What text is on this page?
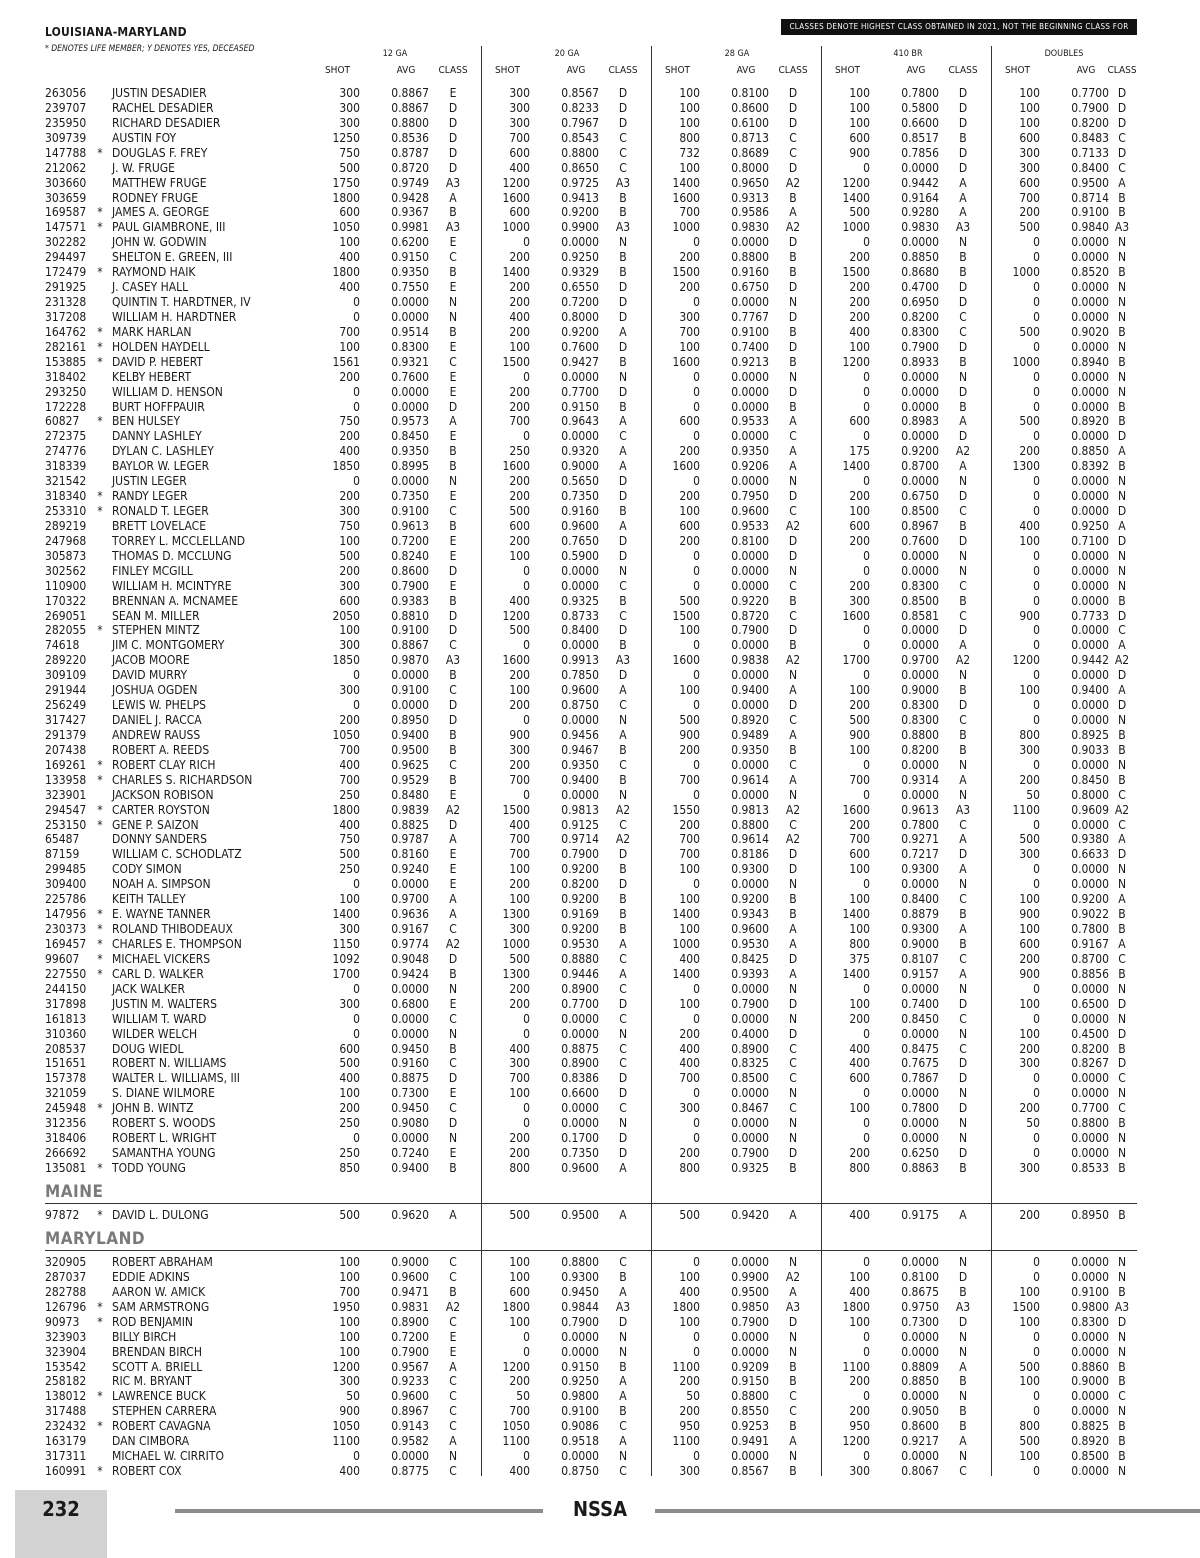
LOUISIANA-MARYLAND
* DENOTES LIFE MEMBER; Y DENOTES YES, DECEASED
CLASSES DENOTE HIGHEST CLASS OBTAINED IN 2021, NOT THE BEGINNING CLASS FOR 2022.
12 GA	20 GA	28 GA	410 BR	DOUBLES
SHOT	AVG	CLASS	SHOT	AVG	CLASS	SHOT	AVG	CLASS	SHOT	AVG	CLASS	SHOT	AVG	CLASS
263056 JUSTIN DESADIER	300	0.8867	E	300	0.8567	D	100	0.8100	D	100	0.7800	D	100	0.7700 D
239707 RACHEL DESADIER	300	0.8867	D	300	0.8233	D	100	0.8600	D	100	0.5800	D	100	0.7900 D
235950 RICHARD DESADIER	300	0.8800	D	300	0.7967	D	100	0.6100	D	100	0.6600	D	100	0.8200 D
309739 AUSTIN FOY	1250	0.8536	D	700	0.8543	C	800	0.8713	C	600	0.8517	B	600	0.8483 C
147788 * DOUGLAS F. FREY	750	0.8787	D	600	0.8800	C	732	0.8689	C	900	0.7856	D	300	0.7133 D
212062 J. W. FRUGE	500	0.8720	D	400	0.8650	C	100	0.8000	D	0	0.0000	D	300	0.8400 C
303660 MATTHEW FRUGE	1750	0.9749	A3	1200	0.9725	A3	1400	0.9650	A2	1200	0.9442	A	600	0.9500 A
303659 RODNEY FRUGE	1800	0.9428	A	1600	0.9413	B	1600	0.9313	B	1400	0.9164	A	700	0.8714 B
169587 * JAMES A. GEORGE	600	0.9367	B	600	0.9200	B	700	0.9586	A	500	0.9280	A	200	0.9100 B
147571 * PAUL GIAMBRONE, III	1050	0.9981	A3	1000	0.9900	A3	1000	0.9830	A2	1000	0.9830	A3	500	0.9840 A3
302282 JOHN W. GODWIN	100	0.6200	E	0	0.0000	N	0	0.0000	D	0	0.0000	N	0	0.0000 N
294497 SHELTON E. GREEN, III	400	0.9150	C	200	0.9250	B	200	0.8800	B	200	0.8850	B	0	0.0000 N
172479 * RAYMOND HAIK	1800	0.9350	B	1400	0.9329	B	1500	0.9160	B	1500	0.8680	B	1000	0.8520 B
291925 J. CASEY HALL	400	0.7550	E	200	0.6550	D	200	0.6750	D	200	0.4700	D	0	0.0000 N
231328 QUINTIN T. HARDTNER, IV	0	0.0000	N	200	0.7200	D	0	0.0000	N	200	0.6950	D	0	0.0000 N
317208 WILLIAM H. HARDTNER	0	0.0000	N	400	0.8000	D	300	0.7767	D	200	0.8200	C	0	0.0000 N
164762 * MARK HARLAN	700	0.9514	B	200	0.9200	A	700	0.9100	B	400	0.8300	C	500	0.9020 B
282161 * HOLDEN HAYDELL	100	0.8300	E	100	0.7600	D	100	0.7400	D	100	0.7900	D	0	0.0000 N
153885 * DAVID P. HEBERT	1561	0.9321	C	1500	0.9427	B	1600	0.9213	B	1200	0.8933	B	1000	0.8940 B
318402 KELBY HEBERT	200	0.7600	E	0	0.0000	N	0	0.0000	N	0	0.0000	N	0	0.0000 N
293250 WILLIAM D. HENSON	0	0.0000	E	200	0.7700	D	0	0.0000	D	0	0.0000	D	0	0.0000 N
172228 BURT HOFFPAUIR	0	0.0000	D	200	0.9150	B	0	0.0000	B	0	0.0000	B	0	0.0000 B
60827 * BEN HULSEY	750	0.9573	A	700	0.9643	A	600	0.9533	A	600	0.8983	A	500	0.8920 B
272375 DANNY LASHLEY	200	0.8450	E	0	0.0000	C	0	0.0000	C	0	0.0000	D	0	0.0000 D
274776 DYLAN C. LASHLEY	400	0.9350	B	250	0.9320	A	200	0.9350	A	175	0.9200	A2	200	0.8850 A
318339 BAYLOR W. LEGER	1850	0.8995	B	1600	0.9000	A	1600	0.9206	A	1400	0.8700	A	1300	0.8392 B
321542 JUSTIN LEGER	0	0.0000	N	200	0.5650	D	0	0.0000	N	0	0.0000	N	0	0.0000 N
318340 * RANDY LEGER	200	0.7350	E	200	0.7350	D	200	0.7950	D	200	0.6750	D	0	0.0000 N
253310 * RONALD T. LEGER	300	0.9100	C	500	0.9160	B	100	0.9600	C	100	0.8500	C	0	0.0000 D
289219 BRETT LOVELACE	750	0.9613	B	600	0.9600	A	600	0.9533	A2	600	0.8967	B	400	0.9250 A
247968 TORREY L. MCCLELLAND	100	0.7200	E	200	0.7650	D	200	0.8100	D	200	0.7600	D	100	0.7100 D
305873 THOMAS D. MCCLUNG	500	0.8240	E	100	0.5900	D	0	0.0000	D	0	0.0000	N	0	0.0000 N
302562 FINLEY MCGILL	200	0.8600	D	0	0.0000	N	0	0.0000	N	0	0.0000	N	0	0.0000 N
110900 WILLIAM H. MCINTYRE	300	0.7900	E	0	0.0000	C	0	0.0000	C	200	0.8300	C	0	0.0000 N
170322 BRENNAN A. MCNAMEE	600	0.9383	B	400	0.9325	B	500	0.9220	B	300	0.8500	B	0	0.0000 B
269051 SEAN M. MILLER	2050	0.8810	D	1200	0.8733	C	1500	0.8720	C	1600	0.8581	C	900	0.7733 D
282055 * STEPHEN MINTZ	100	0.9100	D	500	0.8400	D	100	0.7900	D	0	0.0000	D	0	0.0000 C
74618	JIM C. MONTGOMERY	300	0.8867	C	0	0.0000	B	0	0.0000	B	0	0.0000	A	0	0.0000 A
289220 JACOB MOORE	1850	0.9870	A3	1600	0.9913	A3	1600	0.9838	A2	1700	0.9700	A2	1200	0.9442 A2
309109 DAVID MURRY	0	0.0000	B	200	0.7850	D	0	0.0000	N	0	0.0000	N	0	0.0000 D
291944 JOSHUA OGDEN	300	0.9100	C	100	0.9600	A	100	0.9400	A	100	0.9000	B	100	0.9400 A
256249 LEWIS W. PHELPS	0	0.0000	D	200	0.8750	C	0	0.0000	D	200	0.8300	D	0	0.0000 D
317427 DANIEL J. RACCA	200	0.8950	D	0	0.0000	N	500	0.8920	C	500	0.8300	C	0	0.0000 N
291379 ANDREW RAUSS	1050	0.9400	B	900	0.9456	A	900	0.9489	A	900	0.8800	B	800	0.8925 B
207438 ROBERT A. REEDS	700	0.9500	B	300	0.9467	B	200	0.9350	B	100	0.8200	B	300	0.9033 B
169261 * ROBERT CLAY RICH	400	0.9625	C	200	0.9350	C	0	0.0000	C	0	0.0000	N	0	0.0000 N
133958 * CHARLES S. RICHARDSON	700	0.9529	B	700	0.9400	B	700	0.9614	A	700	0.9314	A	200	0.8450 B
323901 JACKSON ROBISON	250	0.8480	E	0	0.0000	N	0	0.0000	N	0	0.0000	N	50	0.8000 C
294547 * CARTER ROYSTON	1800	0.9839	A2	1500	0.9813	A2	1550	0.9813	A2	1600	0.9613	A3	1100	0.9609 A2
253150 * GENE P. SAIZON	400	0.8825	D	400	0.9125	C	200	0.8800	C	200	0.7800	C	0	0.0000 C
65487	DONNY SANDERS	750	0.9787	A	700	0.9714	A2	700	0.9614	A2	700	0.9271	A	500	0.9380 A
87159	WILLIAM C. SCHODLATZ	500	0.8160	E	700	0.7900	D	700	0.8186	D	600	0.7217	D	300	0.6633 D
299485 CODY SIMON	250	0.9240	E	100	0.9200	B	100	0.9300	D	100	0.9300	A	0	0.0000 N
309400 NOAH A. SIMPSON	0	0.0000	E	200	0.8200	D	0	0.0000	N	0	0.0000	N	0	0.0000 N
225786 KEITH TALLEY	100	0.9700	A	100	0.9200	B	100	0.9200	B	100	0.8400	C	100	0.9200 A
147956 * E. WAYNE TANNER	1400	0.9636	A	1300	0.9169	B	1400	0.9343	B	1400	0.8879	B	900	0.9022 B
230373 * ROLAND THIBODEAUX	300	0.9167	C	300	0.9200	B	100	0.9600	A	100	0.9300	A	100	0.7800 B
169457 * CHARLES E. THOMPSON	1150	0.9774	A2	1000	0.9530	A	1000	0.9530	A	800	0.9000	B	600	0.9167 A
99607 * MICHAEL VICKERS	1092	0.9048	D	500	0.8880	C	400	0.8425	D	375	0.8107	C	200	0.8700 C
227550 * CARL D. WALKER	1700	0.9424	B	1300	0.9446	A	1400	0.9393	A	1400	0.9157	A	900	0.8856 B
244150 JACK WALKER	0	0.0000	N	200	0.8900	C	0	0.0000	N	0	0.0000	N	0	0.0000 N
317898 JUSTIN M. WALTERS	300	0.6800	E	200	0.7700	D	100	0.7900	D	100	0.7400	D	100	0.6500 D
161813 WILLIAM T. WARD	0	0.0000	C	0	0.0000	C	0	0.0000	N	200	0.8450	C	0	0.0000 N
310360 WILDER WELCH	0	0.0000	N	0	0.0000	N	200	0.4000	D	0	0.0000	N	100	0.4500 D
208537 DOUG WIEDL	600	0.9450	B	400	0.8875	C	400	0.8900	C	400	0.8475	C	200	0.8200 B
151651 ROBERT N. WILLIAMS	500	0.9160	C	300	0.8900	C	400	0.8325	C	400	0.7675	D	300	0.8267 D
157378 WALTER L. WILLIAMS, III	400	0.8875	D	700	0.8386	D	700	0.8500	C	600	0.7867	D	0	0.0000 C
321059 S. DIANE WILMORE	100	0.7300	E	100	0.6600	D	0	0.0000	N	0	0.0000	N	0	0.0000 N
245948 * JOHN B. WINTZ	200	0.9450	C	0	0.0000	C	300	0.8467	C	100	0.7800	D	200	0.7700 C
312356 ROBERT S. WOODS	250	0.9080	D	0	0.0000	N	0	0.0000	N	0	0.0000	N	50	0.8800 B
318406 ROBERT L. WRIGHT	0	0.0000	N	200	0.1700	D	0	0.0000	N	0	0.0000	N	0	0.0000 N
266692 SAMANTHA YOUNG	250	0.7240	E	200	0.7350	D	200	0.7900	D	200	0.6250	D	0	0.0000 N
135081 * TODD YOUNG	850	0.9400	B	800	0.9600	A	800	0.9325	B	800	0.8863	B	300	0.8533 B
MAINE
97872 * DAVID L. DULONG	500	0.9620	A	500	0.9500	A	500	0.9420	A	400	0.9175	A	200	0.8950 B
MARYLAND
320905 ROBERT ABRAHAM	100	0.9000	C	100	0.8800	C	0	0.0000	N	0	0.0000	N	0	0.0000 N
287037 EDDIE ADKINS	100	0.9600	C	100	0.9300	B	100	0.9900	A2	100	0.8100	D	0	0.0000 N
282788 AARON W. AMICK	700	0.9471	B	600	0.9450	A	400	0.9500	A	400	0.8675	B	100	0.9100 B
126796 * SAM ARMSTRONG	1950	0.9831	A2	1800	0.9844	A3	1800	0.9850	A3	1800	0.9750	A3	1500	0.9800 A3
90973 * ROD BENJAMIN	100	0.8900	C	100	0.7900	D	100	0.7900	D	100	0.7300	D	100	0.8300 D
323903 BILLY BIRCH	100	0.7200	E	0	0.0000	N	0	0.0000	N	0	0.0000	N	0	0.0000 N
323904 BRENDAN BIRCH	100	0.7900	E	0	0.0000	N	0	0.0000	N	0	0.0000	N	0	0.0000 N
153542 SCOTT A. BRIELL	1200	0.9567	A	1200	0.9150	B	1100	0.9209	B	1100	0.8809	A	500	0.8860 B
258182 RIC M. BRYANT	300	0.9233	C	200	0.9250	A	200	0.9150	B	200	0.8850	B	100	0.9000 B
138012 * LAWRENCE BUCK	50	0.9600	C	50	0.9800	A	50	0.8800	C	0	0.0000	N	0	0.0000 C
317488 STEPHEN CARRERA	900	0.8967	C	700	0.9100	B	200	0.8550	C	200	0.9050	B	0	0.0000 N
232432 * ROBERT CAVAGNA	1050	0.9143	C	1050	0.9086	C	950	0.9253	B	950	0.8600	B	800	0.8825 B
163179 DAN CIMBORA	1100	0.9582	A	1100	0.9518	A	1100	0.9491	A	1200	0.9217	A	500	0.8920 B
317311 MICHAEL W. CIRRITO	0	0.0000	N	0	0.0000	N	0	0.0000	N	0	0.0000	N	100	0.8500 B
160991 * ROBERT COX	400	0.8775	C	400	0.8750	C	300	0.8567	B	300	0.8067	C	0	0.0000 N
232	NSSA
